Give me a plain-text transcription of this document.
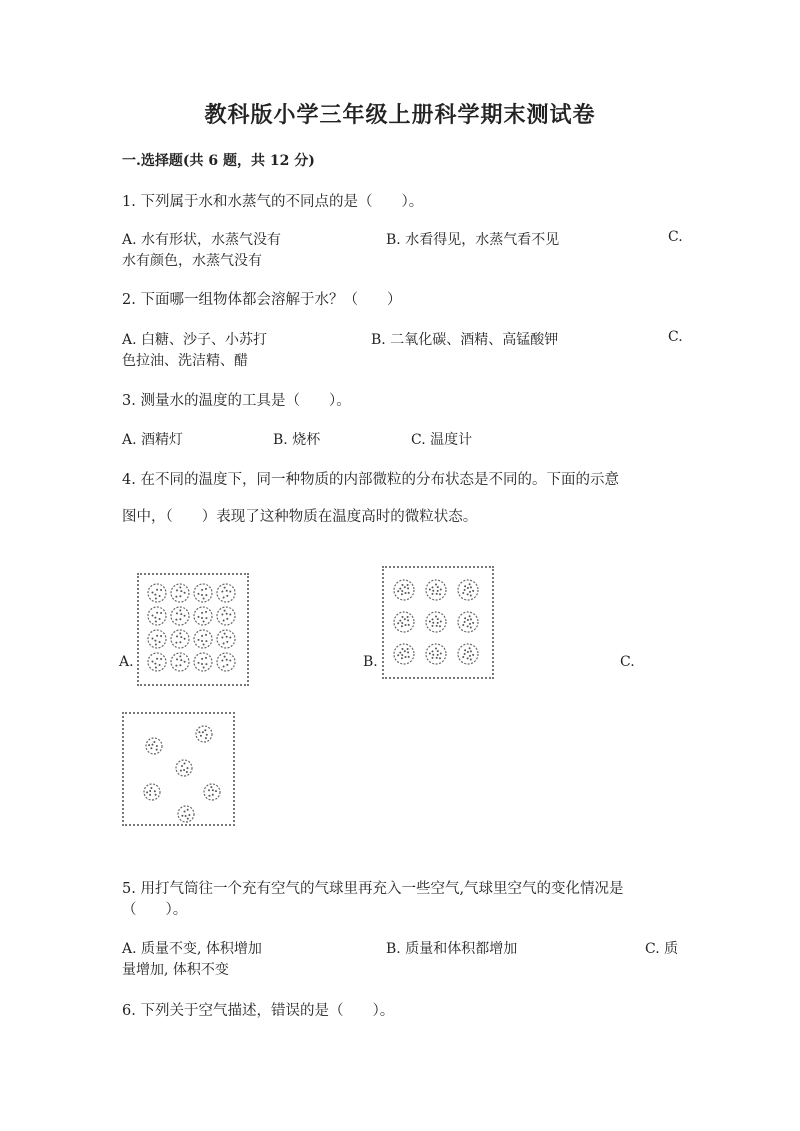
教科版小学三年级上册科学期末测试卷
一.选择题(共 6 题，共 12 分)
1. 下列属于水和水蒸气的不同点的是（　　）。
A. 水有形状，水蒸气没有	B. 水看得见，水蒸气看不见	C.
水有颜色，水蒸气没有
2. 下面哪一组物体都会溶解于水？（　　）
A. 白糖、沙子、小苏打	B. 二氧化碳、酒精、高锰酸钾	C.
色拉油、洗洁精、醋
3. 测量水的温度的工具是（　　）。
A. 酒精灯	B. 烧杯	C. 温度计
4. 在不同的温度下，同一种物质的内部微粒的分布状态是不同的。下面的示意
图中，（　　）表现了这种物质在温度高时的微粒状态。
A.	B.	C.
5. 用打气筒往一个充有空气的气球里再充入一些空气,气球里空气的变化情况是
（　　）。
A. 质量不变, 体积增加	B. 质量和体积都增加	C. 质
量增加, 体积不变
6. 下列关于空气描述，错误的是（　　）。
